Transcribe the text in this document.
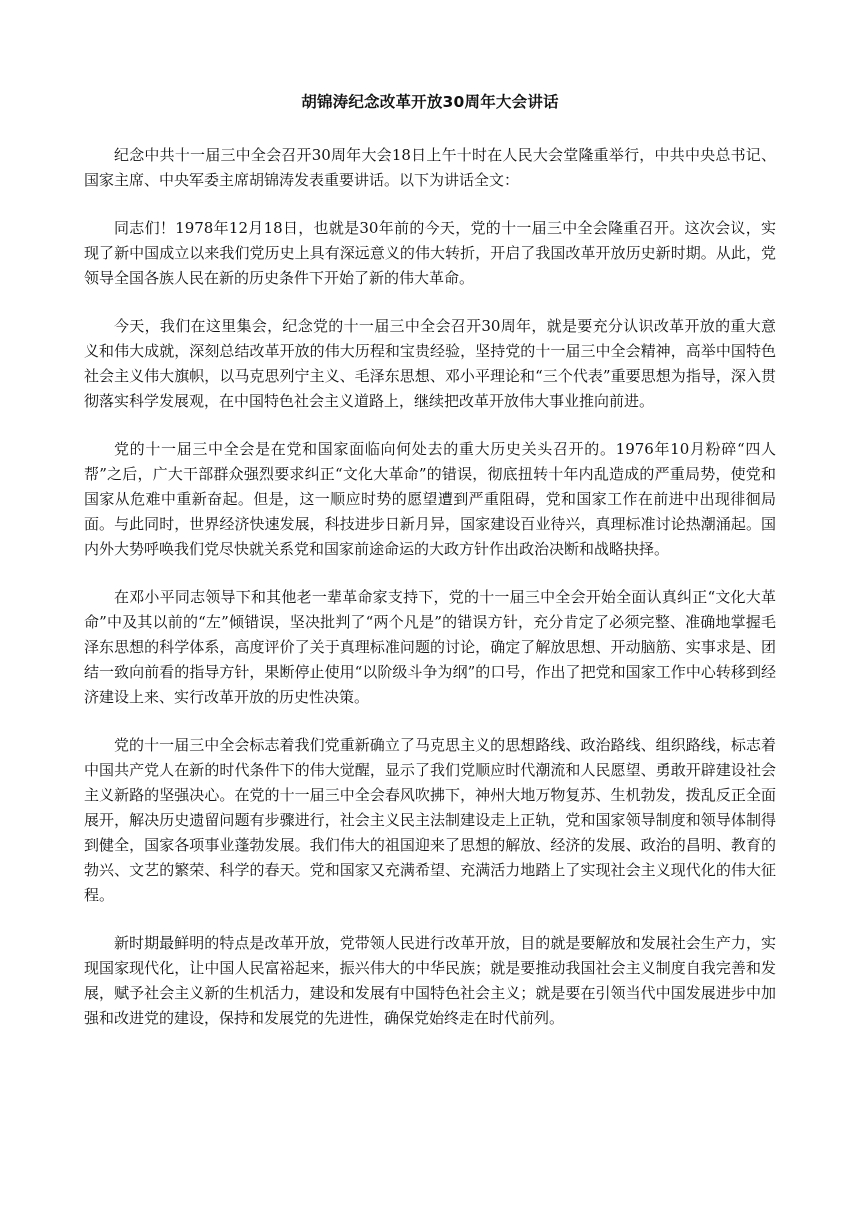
胡锦涛纪念改革开放30周年大会讲话

纪念中共十一届三中全会召开30周年大会18日上午十时在人民大会堂隆重举行，中共中央总书记、国家主席、中央军委主席胡锦涛发表重要讲话。以下为讲话全文：

同志们！1978年12月18日，也就是30年前的今天，党的十一届三中全会隆重召开。这次会议，实现了新中国成立以来我们党历史上具有深远意义的伟大转折，开启了我国改革开放历史新时期。从此，党领导全国各族人民在新的历史条件下开始了新的伟大革命。

今天，我们在这里集会，纪念党的十一届三中全会召开30周年，就是要充分认识改革开放的重大意义和伟大成就，深刻总结改革开放的伟大历程和宝贵经验，坚持党的十一届三中全会精神，高举中国特色社会主义伟大旗帜，以马克思列宁主义、毛泽东思想、邓小平理论和“三个代表”重要思想为指导，深入贯彻落实科学发展观，在中国特色社会主义道路上，继续把改革开放伟大事业推向前进。

党的十一届三中全会是在党和国家面临向何处去的重大历史关头召开的。1976年10月粉碎“四人帮”之后，广大干部群众强烈要求纠正“文化大革命”的错误，彻底扭转十年内乱造成的严重局势，使党和国家从危难中重新奋起。但是，这一顺应时势的愿望遭到严重阻碍，党和国家工作在前进中出现徘徊局面。与此同时，世界经济快速发展，科技进步日新月异，国家建设百业待兴，真理标准讨论热潮涌起。国内外大势呼唤我们党尽快就关系党和国家前途命运的大政方针作出政治决断和战略抉择。

在邓小平同志领导下和其他老一辈革命家支持下，党的十一届三中全会开始全面认真纠正“文化大革命”中及其以前的“左”倾错误，坚决批判了“两个凡是”的错误方针，充分肯定了必须完整、准确地掌握毛泽东思想的科学体系，高度评价了关于真理标准问题的讨论，确定了解放思想、开动脑筋、实事求是、团结一致向前看的指导方针，果断停止使用“以阶级斗争为纲”的口号，作出了把党和国家工作中心转移到经济建设上来、实行改革开放的历史性决策。

党的十一届三中全会标志着我们党重新确立了马克思主义的思想路线、政治路线、组织路线，标志着中国共产党人在新的时代条件下的伟大觉醒，显示了我们党顺应时代潮流和人民愿望、勇敢开辟建设社会主义新路的坚强决心。在党的十一届三中全会春风吹拂下，神州大地万物复苏、生机勃发，拨乱反正全面展开，解决历史遗留问题有步骤进行，社会主义民主法制建设走上正轨，党和国家领导制度和领导体制得到健全，国家各项事业蓬勃发展。我们伟大的祖国迎来了思想的解放、经济的发展、政治的昌明、教育的勃兴、文艺的繁荣、科学的春天。党和国家又充满希望、充满活力地踏上了实现社会主义现代化的伟大征程。

新时期最鲜明的特点是改革开放，党带领人民进行改革开放，目的就是要解放和发展社会生产力，实现国家现代化，让中国人民富裕起来，振兴伟大的中华民族；就是要推动我国社会主义制度自我完善和发展，赋予社会主义新的生机活力，建设和发展有中国特色社会主义；就是要在引领当代中国发展进步中加强和改进党的建设，保持和发展党的先进性，确保党始终走在时代前列。
